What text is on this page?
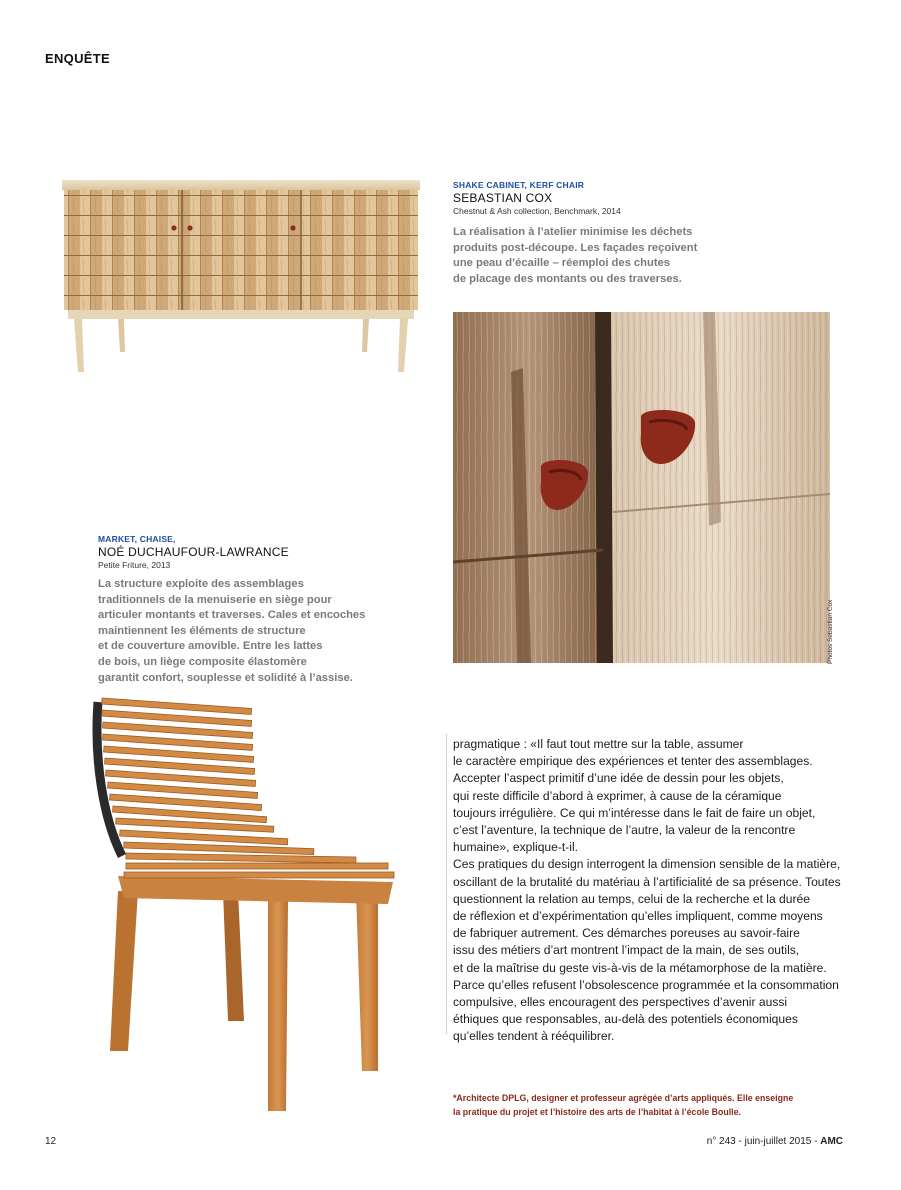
ENQUÊTE
SHAKE CABINET, KERF CHAIR
SEBASTIAN COX
Chestnut & Ash collection, Benchmark, 2014
La réalisation à l’atelier minimise les déchets
produits post-découpe. Les façades reçoivent
une peau d’écaille – réemploi des chutes
de placage des montants ou des traverses.
Photos Sebastian Cox
MARKET, CHAISE,
NOÉ DUCHAUFOUR-LAWRANCE
Petite Friture, 2013
La structure exploite des assemblages
traditionnels de la menuiserie en siège pour
articuler montants et traverses. Cales et encoches
maintiennent les éléments de structure
et de couverture amovible. Entre les lattes
de bois, un liège composite élastomère
garantit confort, souplesse et solidité à l’assise.

pragmatique : «Il faut tout mettre sur la table, assumer

le caractère empirique des expériences et tenter des assemblages.

Accepter l’aspect primitif d’une idée de dessin pour les objets,

qui reste difficile d’abord à exprimer, à cause de la céramique

toujours irrégulière. Ce qui m’intéresse dans le fait de faire un objet,

c’est l’aventure, la technique de l’autre, la valeur de la rencontre

humaine», explique-t-il.

Ces pratiques du design interrogent la dimension sensible de la matière,

oscillant de la brutalité du matériau à l’artificialité de sa présence. Toutes

questionnent la relation au temps, celui de la recherche et la durée

de réflexion et d’expérimentation qu’elles impliquent, comme moyens

de fabriquer autrement. Ces démarches poreuses au savoir-faire

issu des métiers d’art montrent l’impact de la main, de ses outils,

et de la maîtrise du geste vis-à-vis de la métamorphose de la matière.

Parce qu’elles refusent l’obsolescence programmée et la consommation

compulsive, elles encouragent des perspectives d’avenir aussi

éthiques que responsables, au-delà des potentiels économiques

qu’elles tendent à rééquilibrer.

*Architecte DPLG, designer et professeur agrégée d’arts appliqués. Elle enseigne
la pratique du projet et l’histoire des arts de l’habitat à l’école Boulle.
12	n° 243 - juin-juillet 2015 - AMC
